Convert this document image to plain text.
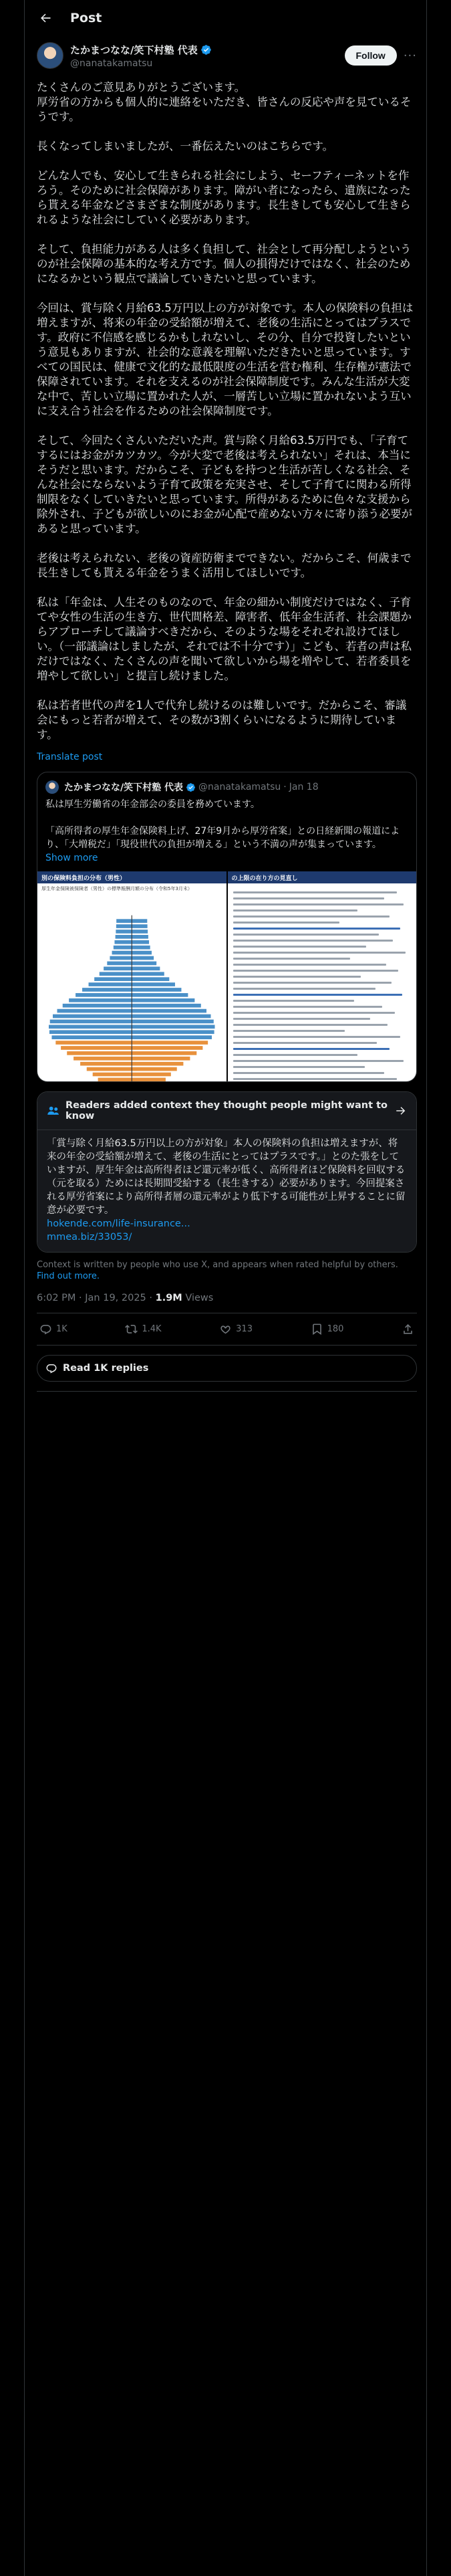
Post
たかまつなな/笑下村塾 代表
@nanatakamatsu
Follow	···
たくさんのご意見ありがとうございます。
厚労省の方からも個人的に連絡をいただき、皆さんの反応や声を見ているそうです。

長くなってしまいましたが、一番伝えたいのはこちらです。

どんな人でも、安心して生きられる社会にしよう、セーフティーネットを作ろう。そのために社会保障があります。障がい者になったら、遺族になったら貰える年金などさまざまな制度があります。長生きしても安心して生きられるような社会にしていく必要があります。

そして、負担能力がある人は多く負担して、社会として再分配しようというのが社会保障の基本的な考え方です。個人の損得だけではなく、社会のためになるかという観点で議論していきたいと思っています。

今回は、賞与除く月給63.5万円以上の方が対象です。本人の保険料の負担は増えますが、将来の年金の受給額が増えて、老後の生活にとってはプラスです。政府に不信感を感じるかもしれないし、その分、自分で投資したいという意見もありますが、社会的な意義を理解いただきたいと思っています。すべての国民は、健康で文化的な最低限度の生活を営む権利、生存権が憲法で保障されています。それを支えるのが社会保障制度です。みんな生活が大変な中で、苦しい立場に置かれた人が、一層苦しい立場に置かれないよう互いに支え合う社会を作るための社会保障制度です。

そして、今回たくさんいただいた声。賞与除く月給63.5万円でも、「子育てするにはお金がカツカツ。今が大変で老後は考えられない」それは、本当にそうだと思います。だからこそ、子どもを持つと生活が苦しくなる社会、そんな社会にならないよう子育て政策を充実させ、そして子育てに関わる所得制限をなくしていきたいと思っています。所得があるために色々な支援から除外され、子どもが欲しいのにお金が心配で産めない方々に寄り添う必要があると思っています。

老後は考えられない、老後の資産防衛までできない。だからこそ、何歳まで長生きしても貰える年金をうまく活用してほしいです。

私は「年金は、人生そのものなので、年金の細かい制度だけではなく、子育てや女性の生活の生き方、世代間格差、障害者、低年金生活者、社会課題からアプローチして議論すべきだから、そのような場をそれぞれ設けてほしい。（一部議論はしましたが、それでは不十分です）」こども、若者の声は私だけではなく、たくさんの声を聞いて欲しいから場を増やして、若者委員を増やして欲しい」と提言し続けました。

私は若者世代の声を1人で代弁し続けるのは難しいです。だからこそ、審議会にもっと若者が増えて、その数が3割くらいになるように期待しています。
Translate post
たかまつなな/笑下村塾 代表 @nanatakamatsu · Jan 18
私は厚生労働省の年金部会の委員を務めています。

「高所得者の厚生年金保険料上げ、27年9月から厚労省案」との日経新聞の報道により、「大増税だ」「現役世代の負担が増える」という不満の声が集まっています。
Show more
別の保険料負担の分布（男性）
厚生年金保険被保険者（男性）の標準報酬月額の分布（令和5年3月末）
の上限の在り方の見直し
Readers added context they thought people might want to know
「賞与除く月給63.5万円以上の方が対象」本人の保険料の負担は増えますが、将来の年金の受給額が増えて、老後の生活にとってはプラスです。」とのた張をしていますが、厚生年金は高所得者ほど還元率が低く、高所得者ほど保険料を回収する（元を取る）ためには長期間受給する（長生きする）必要があります。今回提案される厚労省案により高所得者層の還元率がより低下する可能性が上昇することに留意が必要です。

hokende.com/life-insurance...
mmea.biz/33053/
Context is written by people who use X, and appears when rated helpful by others. Find out more.
6:02 PM · Jan 19, 2025 · 1.9M Views
1K	1.4K	313	180
Read 1K replies
